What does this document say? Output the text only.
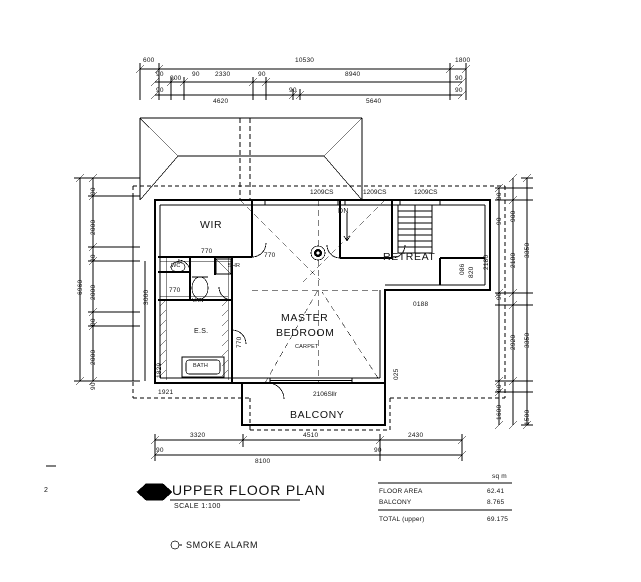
600	10530	1800
90
900
90 2330	90	8940
90
90
4620
90
5640
90
6960
90
2000
90
2000
90
2000
90
3000
1829
1921
90
900
90
2180
90
2920
90
1600
3350
3350
1500
2180
086
025
3320	4510	2430
90
8100
90
1209CS	1209CS	1209CS
2106Sllr
770
770
770
770
820
0188
WIR
RETREAT
MASTER
BEDROOM
CARPET
BALCONY
E.S.
BATH
WC	SHR
VAN
DN
UPPER FLOOR PLAN
SCALE 1:100
SMOKE ALARM
2
sq m
FLOOR AREA	62.41
BALCONY	8.765
TOTAL (upper)	69.175
